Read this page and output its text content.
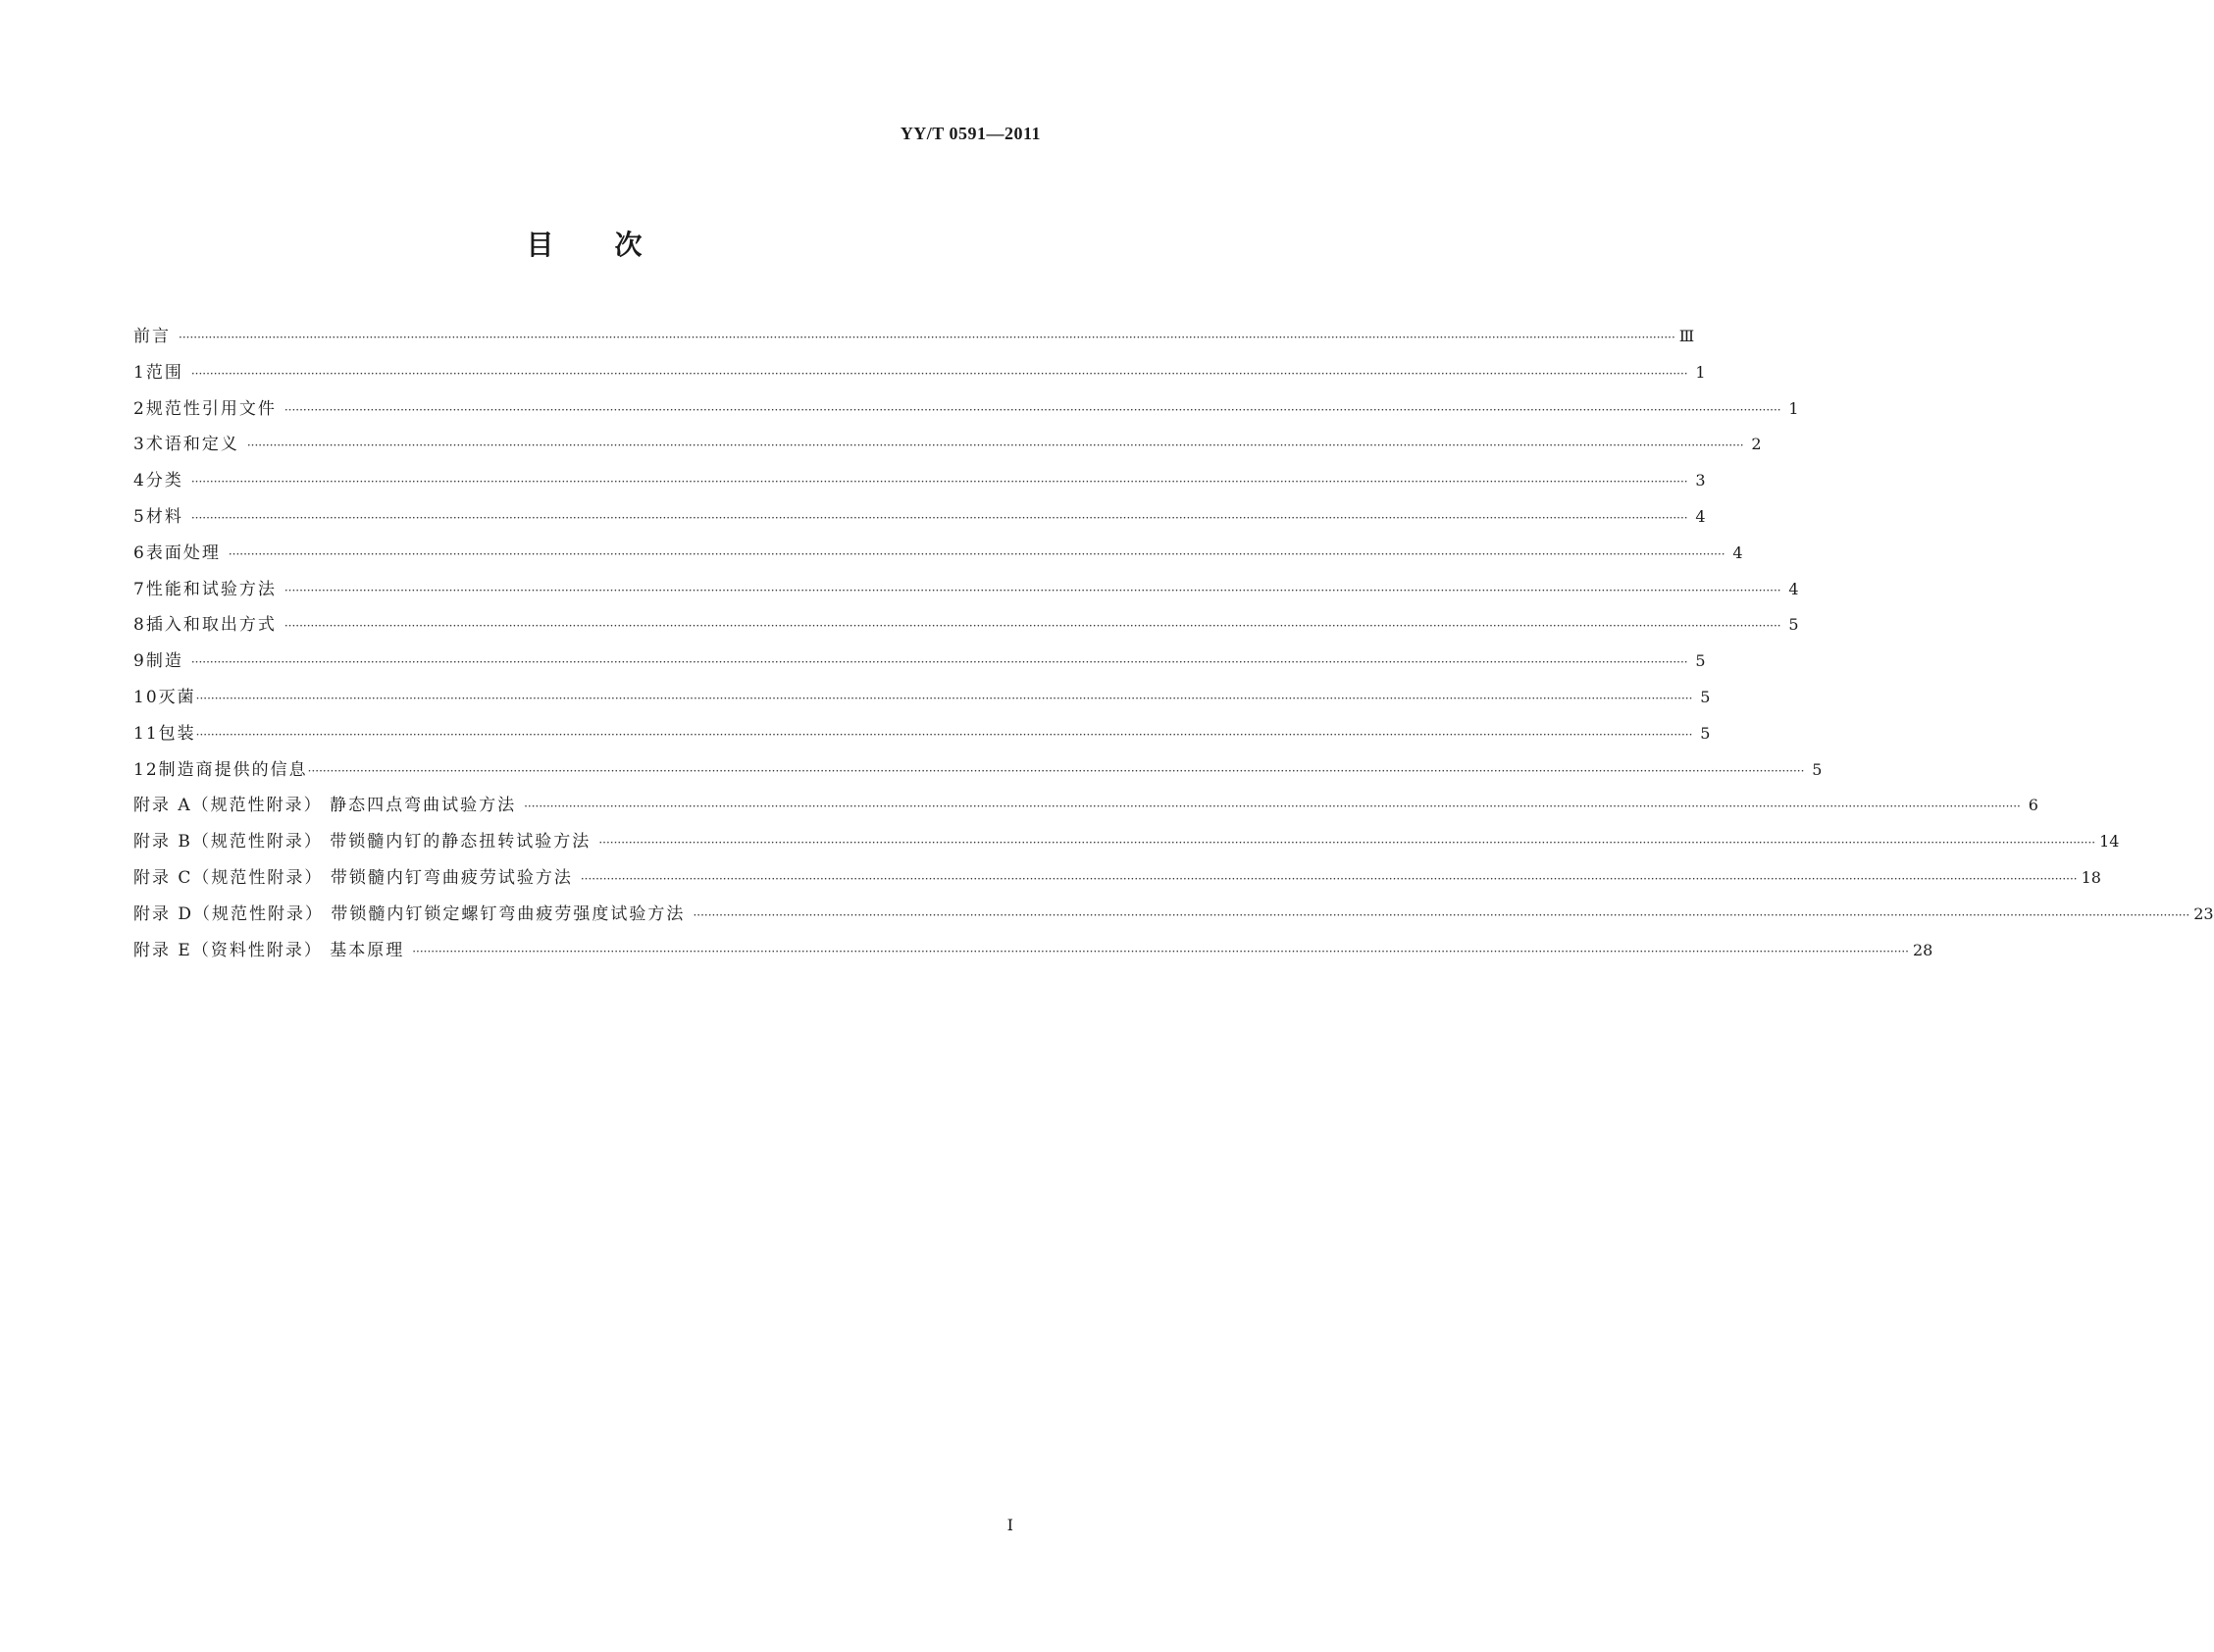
YY/T 0591—2011
目次
前言 ················································································································································································································································································································································································································ Ⅲ
1 范围 ················································································································································································································································································································································································································ 1
2 规范性引用文件 ················································································································································································································································································································································································································ 1
3 术语和定义 ················································································································································································································································································································································································································ 2
4 分类 ················································································································································································································································································································································································································ 3
5 材料 ················································································································································································································································································································································································································ 4
6 表面处理 ················································································································································································································································································································································································································ 4
7 性能和试验方法 ················································································································································································································································································································································································································ 4
8 插入和取出方式 ················································································································································································································································································································································································································ 5
9 制造 ················································································································································································································································································································································································································ 5
10 灭菌 ················································································································································································································································································································································································································ 5
11 包装 ················································································································································································································································································································································································································ 5
12 制造商提供的信息 ················································································································································································································································································································································································································ 5
附录 A（规范性附录） 静态四点弯曲试验方法 ················································································································································································································································································································································································································ 6
附录 B（规范性附录） 带锁髓内钉的静态扭转试验方法 ················································································································································································································································································································································································································ 14
附录 C（规范性附录） 带锁髓内钉弯曲疲劳试验方法 ················································································································································································································································································································································································································ 18
附录 D（规范性附录） 带锁髓内钉锁定螺钉弯曲疲劳强度试验方法 ················································································································································································································································································································································································································ 23
附录 E（资料性附录） 基本原理 ················································································································································································································································································································································································································ 28
I
